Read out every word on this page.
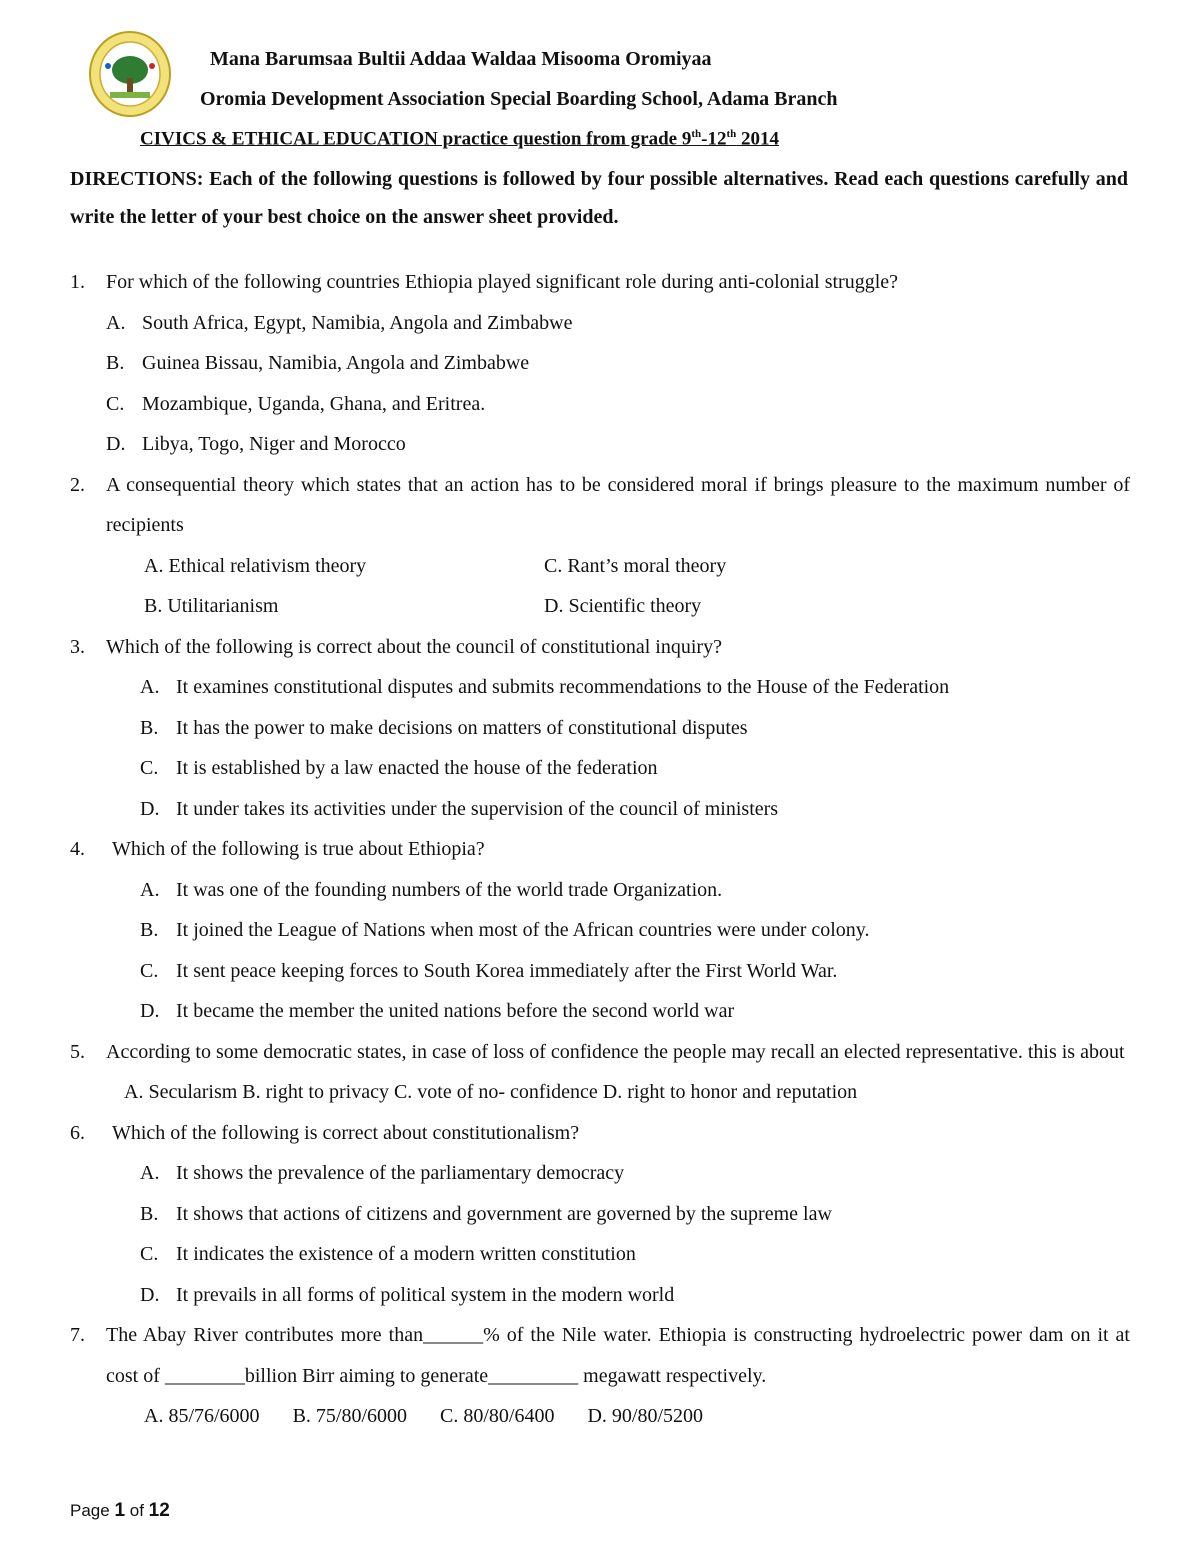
Mana Barumsaa Bultii Addaa Waldaa Misooma Oromiyaa
Oromia Development Association Special Boarding School, Adama Branch
CIVICS & ETHICAL EDUCATION practice question from grade 9th-12th 2014
DIRECTIONS: Each of the following questions is followed by four possible alternatives. Read each questions carefully and write the letter of your best choice on the answer sheet provided.
1. For which of the following countries Ethiopia played significant role during anti-colonial struggle?
A. South Africa, Egypt, Namibia, Angola and Zimbabwe
B. Guinea Bissau, Namibia, Angola and Zimbabwe
C. Mozambique, Uganda, Ghana, and Eritrea.
D. Libya, Togo, Niger and Morocco
2. A consequential theory which states that an action has to be considered moral if brings pleasure to the maximum number of recipients
A. Ethical relativism theory	C. Rant’s moral theory
B. Utilitarianism	D. Scientific theory
3. Which of the following is correct about the council of constitutional inquiry?
A. It examines constitutional disputes and submits recommendations to the House of the Federation
B. It has the power to make decisions on matters of constitutional disputes
C. It is established by a law enacted the house of the federation
D. It under takes its activities under the supervision of the council of ministers
4.	Which of the following is true about Ethiopia?
A. It was one of the founding numbers of the world trade Organization.
B. It joined the League of Nations when most of the African countries were under colony.
C. It sent peace keeping forces to South Korea immediately after the First World War.
D. It became the member the united nations before the second world war
5. According to some democratic states, in case of loss of confidence the people may recall an elected representative. this is about
A. Secularism B. right to privacy C. vote of no- confidence D. right to honor and reputation
6.	Which of the following is correct about constitutionalism?
A. It shows the prevalence of the parliamentary democracy
B. It shows that actions of citizens and government are governed by the supreme law
C. It indicates the existence of a modern written constitution
D. It prevails in all forms of political system in the modern world
7. The Abay River contributes more than______% of the Nile water. Ethiopia is constructing hydroelectric power dam on it at cost of ________billion Birr aiming to generate_________ megawatt respectively.
A. 85/76/6000 B. 75/80/6000 C. 80/80/6400 D. 90/80/5200
Page 1 of 12
